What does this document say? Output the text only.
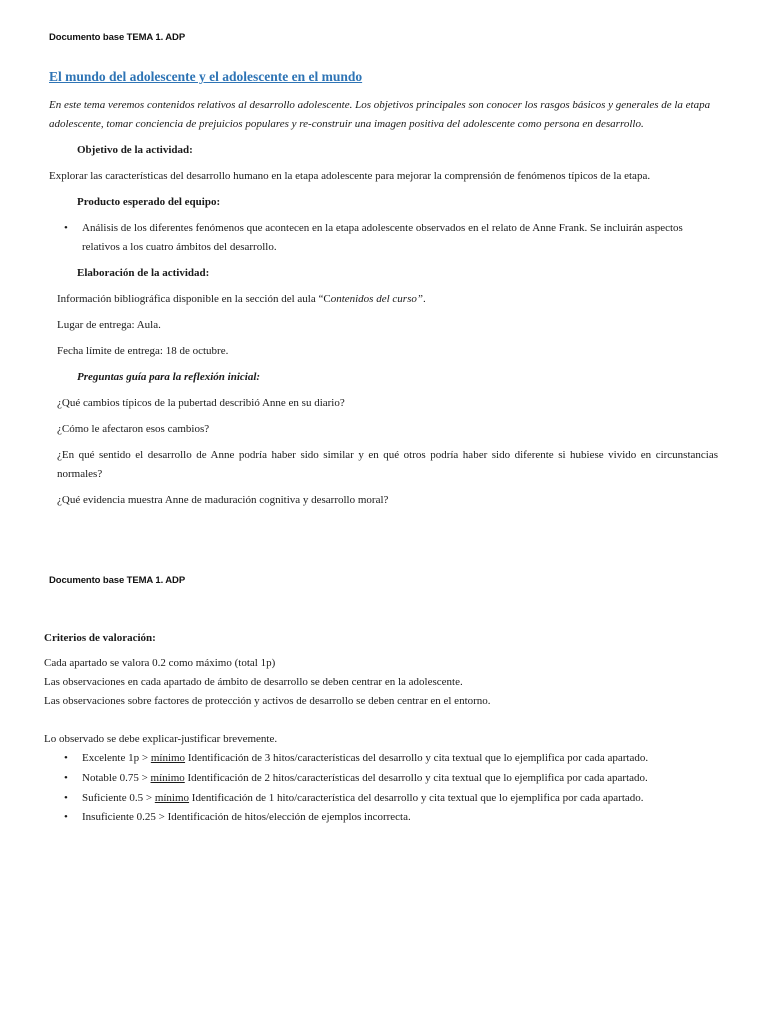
Documento base TEMA 1. ADP
El mundo del adolescente y el adolescente en el mundo
En este tema veremos contenidos relativos al desarrollo adolescente. Los objetivos principales son conocer los rasgos básicos y generales de la etapa adolescente, tomar conciencia de prejuicios populares y re-construir una imagen positiva del adolescente como persona en desarrollo.
Objetivo de la actividad:
Explorar las características del desarrollo humano en la etapa adolescente para mejorar la comprensión de fenómenos típicos de la etapa.
Producto esperado del equipo:
• Análisis de los diferentes fenómenos que acontecen en la etapa adolescente observados en el relato de Anne Frank. Se incluirán aspectos relativos a los cuatro ámbitos del desarrollo.
Elaboración de la actividad:
Información bibliográfica disponible en la sección del aula “Contenidos del curso”.
Lugar de entrega: Aula.
Fecha límite de entrega: 18 de octubre.
Preguntas guía para la reflexión inicial:
¿Qué cambios típicos de la pubertad describió Anne en su diario?
¿Cómo le afectaron esos cambios?
¿En qué sentido el desarrollo de Anne podría haber sido similar y en qué otros podría haber sido diferente si hubiese vivido en circunstancias normales?
¿Qué evidencia muestra Anne de maduración cognitiva y desarrollo moral?
Documento base TEMA 1. ADP
Criterios de valoración:
Cada apartado se valora 0.2 como máximo (total 1p)
Las observaciones en cada apartado de ámbito de desarrollo se deben centrar en la adolescente.
Las observaciones sobre factores de protección y activos de desarrollo se deben centrar en el entorno.
Lo observado se debe explicar-justificar brevemente.
• Excelente 1p > mínimo Identificación de 3 hitos/características del desarrollo y cita textual que lo ejemplifica por cada apartado.
• Notable 0.75 > mínimo Identificación de 2 hitos/características del desarrollo y cita textual que lo ejemplifica por cada apartado.
• Suficiente 0.5 > mínimo Identificación de 1 hito/característica del desarrollo y cita textual que lo ejemplifica por cada apartado.
• Insuficiente 0.25 > Identificación de hitos/elección de ejemplos incorrecta.
